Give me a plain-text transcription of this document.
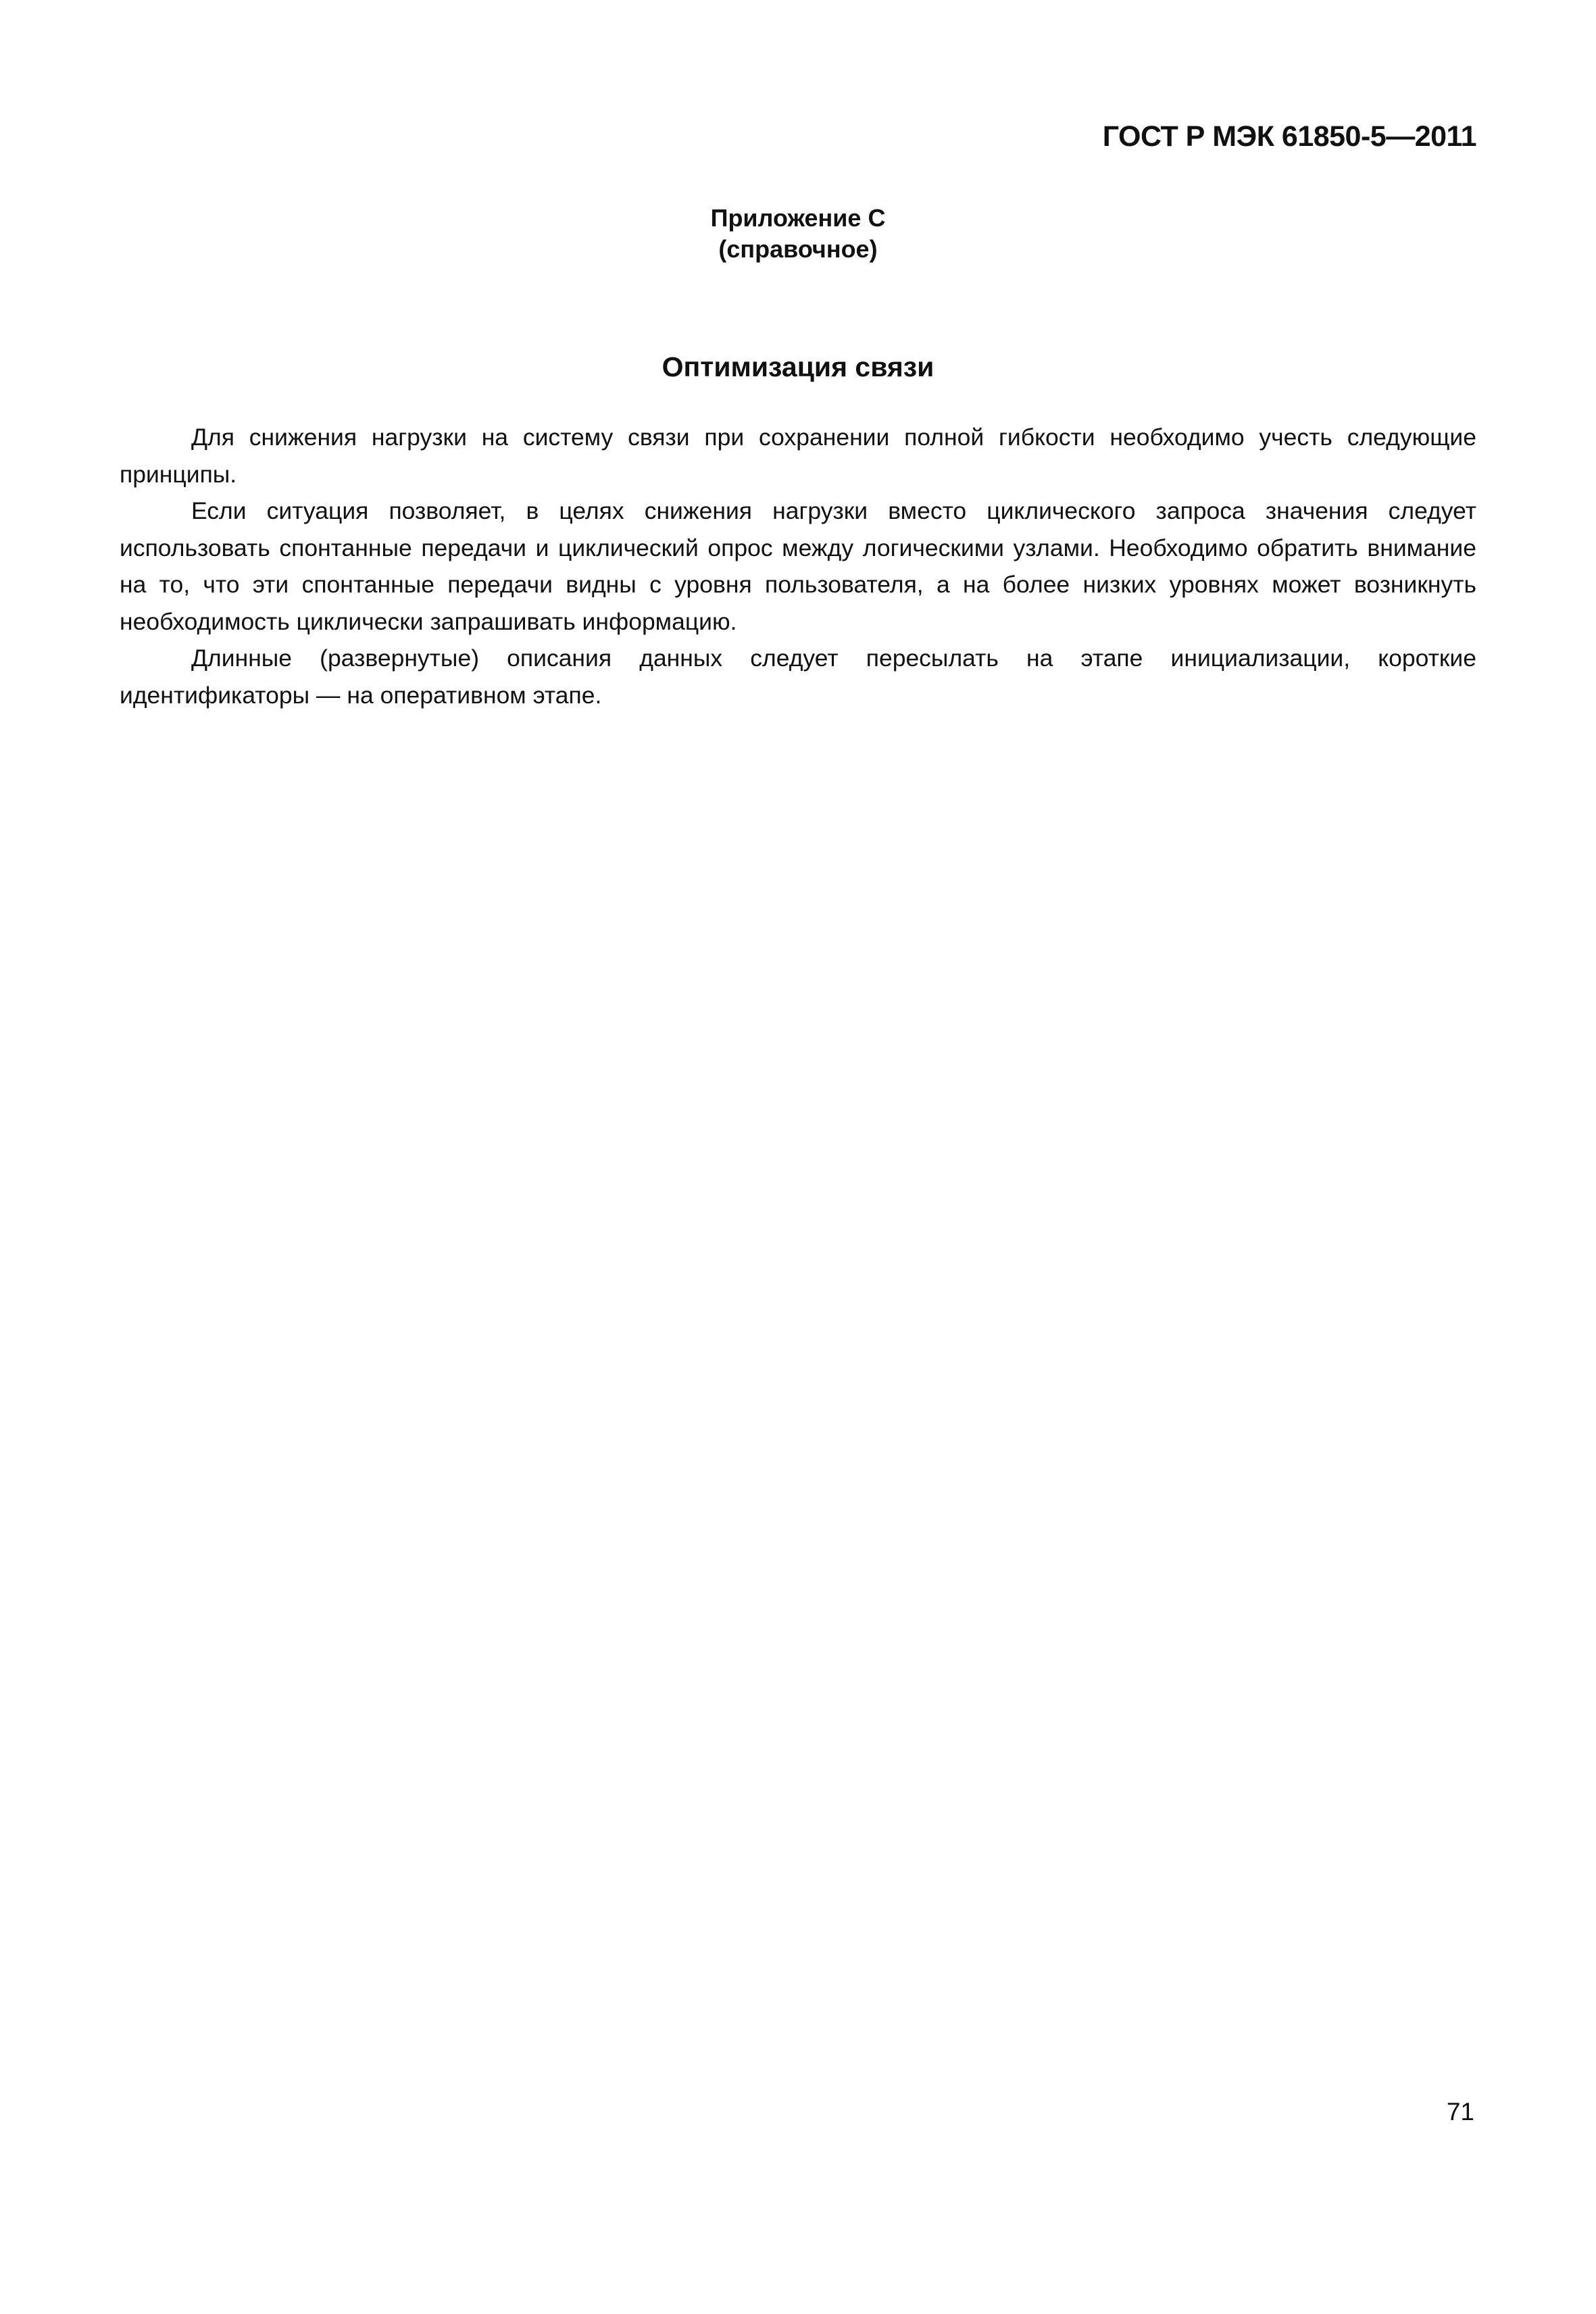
ГОСТ Р МЭК 61850-5—2011

Приложение С

(справочное)

Оптимизация связи

Для снижения нагрузки на систему связи при сохранении полной гибкости необходимо учесть следующие принципы.

Если ситуация позволяет, в целях снижения нагрузки вместо циклического запроса значения следует использовать спонтанные передачи и циклический опрос между логическими узлами. Необходимо обратить внимание на то, что эти спонтанные передачи видны с уровня пользователя, а на более низких уровнях может возникнуть необходимость циклически запрашивать информацию.

Длинные (развернутые) описания данных следует пересылать на этапе инициализации, короткие идентификаторы — на оперативном этапе.

71
